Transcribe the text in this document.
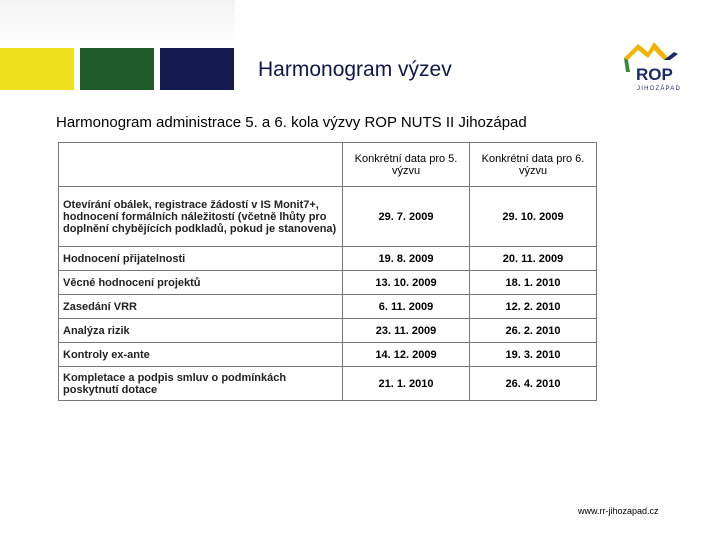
Harmonogram výzev	ROP
JIHOZÁPAD
Harmonogram administrace 5. a 6. kola výzvy ROP NUTS II Jihozápad
	Konkrétní data pro 5. výzvu	Konkrétní data pro 6. výzvu
Otevírání obálek, registrace žádostí v IS Monit7+, hodnocení formálních náležitostí (včetně lhůty pro doplnění chybějících podkladů, pokud je stanovena)	29. 7. 2009	29. 10. 2009
Hodnocení přijatelnosti	19. 8. 2009	20. 11. 2009
Věcné hodnocení projektů	13. 10. 2009	18. 1. 2010
Zasedání VRR	6. 11. 2009	12. 2. 2010
Analýza rizik	23. 11. 2009	26. 2. 2010
Kontroly ex-ante	14. 12. 2009	19. 3. 2010
Kompletace a podpis smluv o podmínkách poskytnutí dotace	21. 1. 2010	26. 4. 2010
www.rr-jihozapad.cz
